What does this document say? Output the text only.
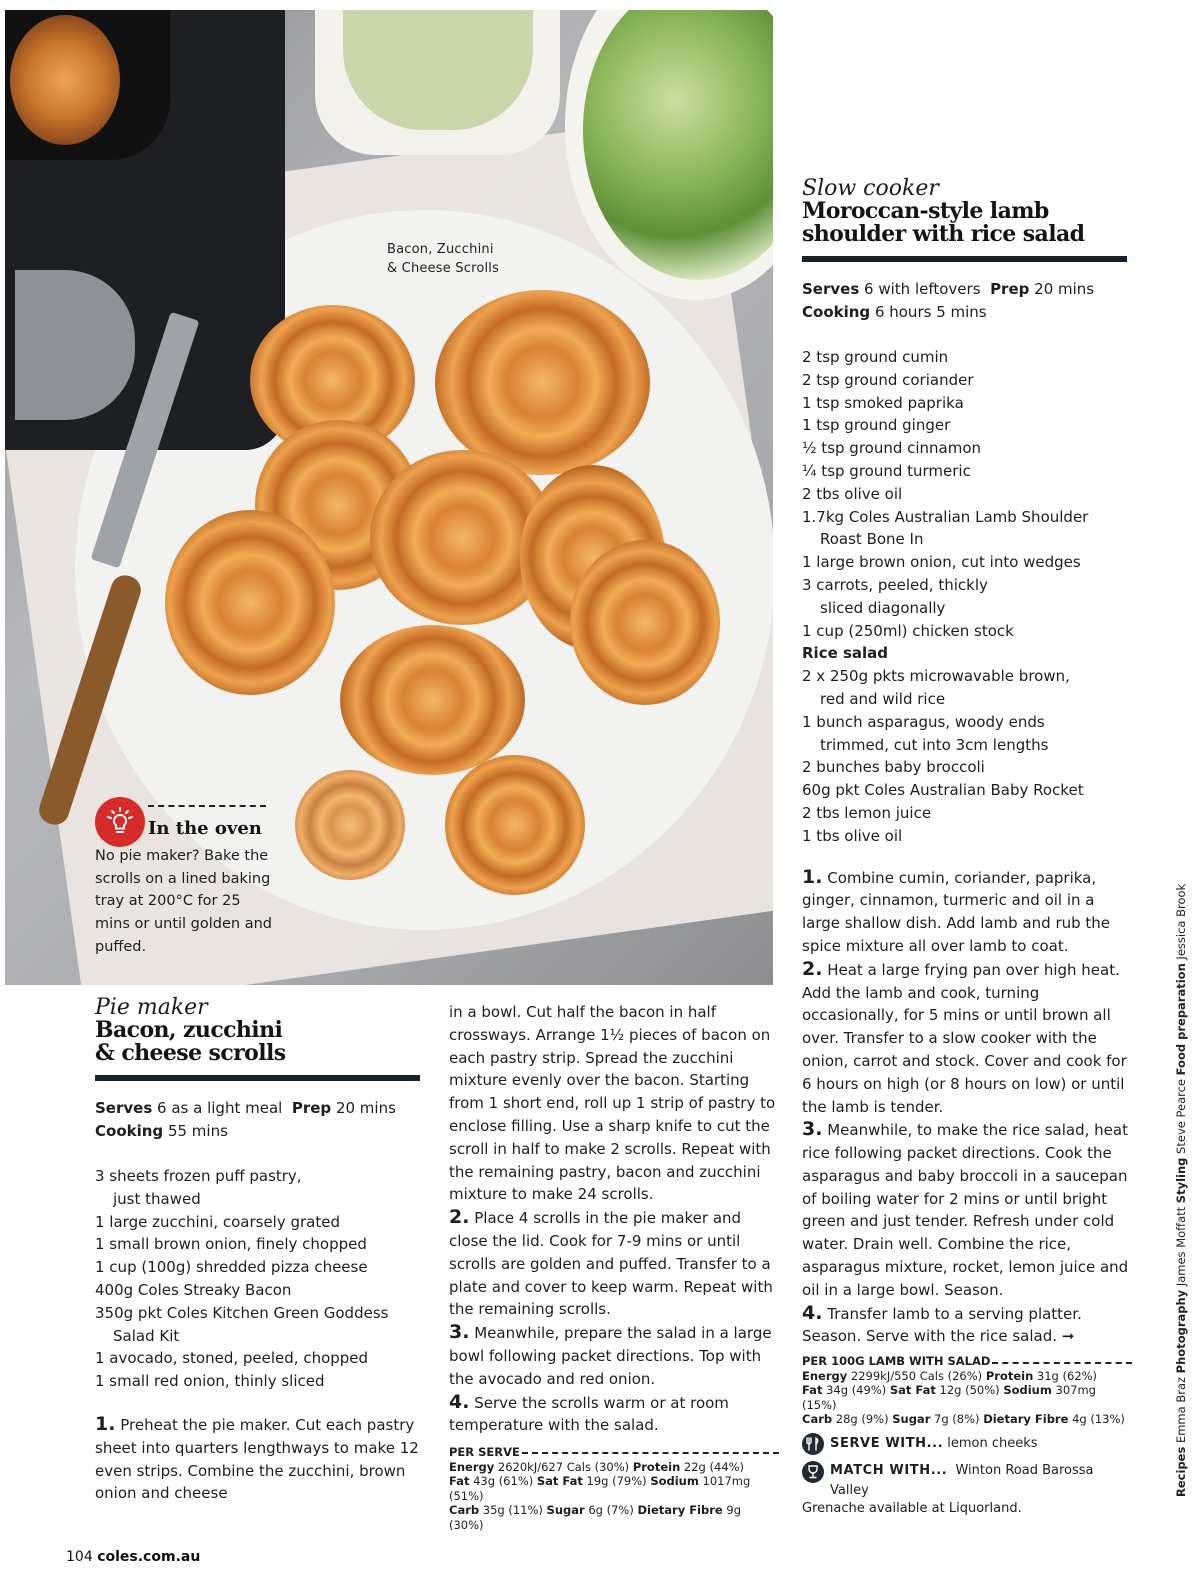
Bacon, Zucchini
& Cheese Scrolls
In the oven
No pie maker? Bake the scrolls on a lined baking tray at 200°C for 25 mins or until golden and puffed.
Slow cooker
Moroccan-style lamb
shoulder with rice salad
Serves 6 with leftovers Prep 20 mins
Cooking 6 hours 5 mins
2 tsp ground cumin
2 tsp ground coriander
1 tsp smoked paprika
1 tsp ground ginger
½ tsp ground cinnamon
¼ tsp ground turmeric
2 tbs olive oil
1.7kg Coles Australian Lamb Shoulder
Roast Bone In
1 large brown onion, cut into wedges
3 carrots, peeled, thickly
sliced diagonally
1 cup (250ml) chicken stock
Rice salad
2 x 250g pkts microwavable brown,
red and wild rice
1 bunch asparagus, woody ends
trimmed, cut into 3cm lengths
2 bunches baby broccoli
60g pkt Coles Australian Baby Rocket
2 tbs lemon juice
1 tbs olive oil
1. Combine cumin, coriander, paprika, ginger, cinnamon, turmeric and oil in a large shallow dish. Add lamb and rub the spice mixture all over lamb to coat.
2. Heat a large frying pan over high heat. Add the lamb and cook, turning occasionally, for 5 mins or until brown all over. Transfer to a slow cooker with the onion, carrot and stock. Cover and cook for 6 hours on high (or 8 hours on low) or until the lamb is tender.
3. Meanwhile, to make the rice salad, heat rice following packet directions. Cook the asparagus and baby broccoli in a saucepan of boiling water for 2 mins or until bright green and just tender. Refresh under cold water. Drain well. Combine the rice, asparagus mixture, rocket, lemon juice and oil in a large bowl. Season.
4. Transfer lamb to a serving platter. Season. Serve with the rice salad. ➞
PER 100G LAMB WITH SALAD
Energy 2299kJ/550 Cals (26%) Protein 31g (62%)
Fat 34g (49%) Sat Fat 12g (50%) Sodium 307mg (15%)
Carb 28g (9%) Sugar 7g (8%) Dietary Fibre 4g (13%)
SERVE WITH... lemon cheeks
MATCH WITH... Winton Road Barossa Valley
Grenache available at Liquorland.
Pie maker
Bacon, zucchini
& cheese scrolls
Serves 6 as a light meal Prep 20 mins
Cooking 55 mins
3 sheets frozen puff pastry,
just thawed
1 large zucchini, coarsely grated
1 small brown onion, finely chopped
1 cup (100g) shredded pizza cheese
400g Coles Streaky Bacon
350g pkt Coles Kitchen Green Goddess
Salad Kit
1 avocado, stoned, peeled, chopped
1 small red onion, thinly sliced
1. Preheat the pie maker. Cut each pastry sheet into quarters lengthways to make 12 even strips. Combine the zucchini, brown onion and cheese
in a bowl. Cut half the bacon in half crossways. Arrange 1½ pieces of bacon on each pastry strip. Spread the zucchini mixture evenly over the bacon. Starting from 1 short end, roll up 1 strip of pastry to enclose filling. Use a sharp knife to cut the scroll in half to make 2 scrolls. Repeat with the remaining pastry, bacon and zucchini mixture to make 24 scrolls.
2. Place 4 scrolls in the pie maker and close the lid. Cook for 7-9 mins or until scrolls are golden and puffed. Transfer to a plate and cover to keep warm. Repeat with the remaining scrolls.
3. Meanwhile, prepare the salad in a large bowl following packet directions. Top with the avocado and red onion.
4. Serve the scrolls warm or at room temperature with the salad.
PER SERVE
Energy 2620kJ/627 Cals (30%) Protein 22g (44%)
Fat 43g (61%) Sat Fat 19g (79%) Sodium 1017mg (51%)
Carb 35g (11%) Sugar 6g (7%) Dietary Fibre 9g (30%)
Recipes Emma Braz Photography James Moffatt Styling Steve Pearce Food preparation Jessica Brook
104 coles.com.au
